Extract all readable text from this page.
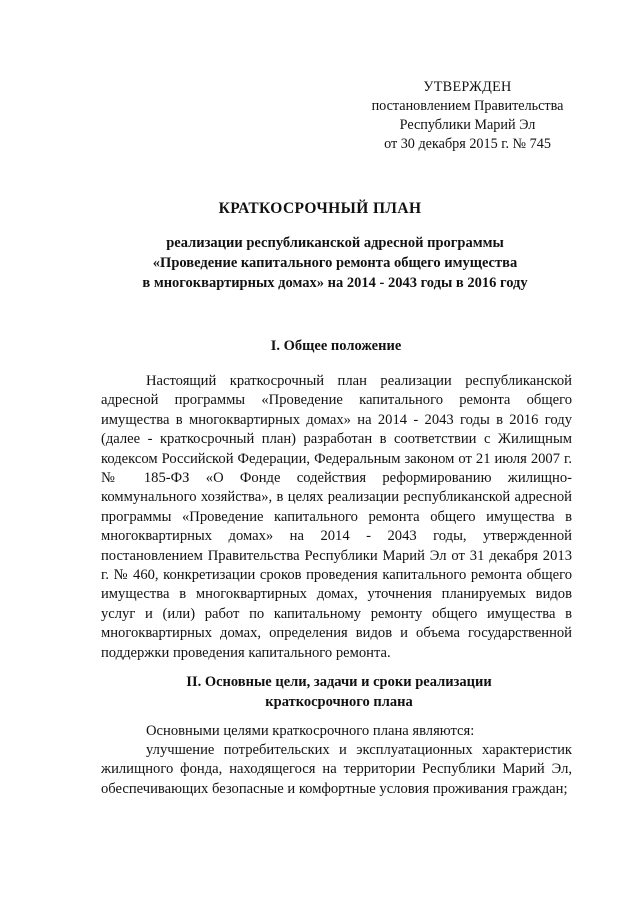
УТВЕРЖДЕН
постановлением Правительства
Республики Марий Эл
от 30 декабря 2015 г. № 745
КРАТКОСРОЧНЫЙ ПЛАН
реализации республиканской адресной программы
«Проведение капитального ремонта общего имущества
в многоквартирных домах» на 2014 - 2043 годы в 2016 году
I. Общее положение
Настоящий краткосрочный план реализации республиканской адресной программы «Проведение капитального ремонта общего имущества в многоквартирных домах» на 2014 - 2043 годы в 2016 году (далее - краткосрочный план) разработан в соответствии с Жилищным кодексом Российской Федерации, Федеральным законом от 21 июля 2007 г. № 185-ФЗ «О Фонде содействия реформированию жилищно-коммунального хозяйства», в целях реализации республиканской адресной программы «Проведение капитального ремонта общего имущества в многоквартирных домах» на 2014 - 2043 годы, утвержденной постановлением Правительства Республики Марий Эл от 31 декабря 2013 г. № 460, конкретизации сроков проведения капитального ремонта общего имущества в многоквартирных домах, уточнения планируемых видов услуг и (или) работ по капитальному ремонту общего имущества в многоквартирных домах, определения видов и объема государственной поддержки проведения капитального ремонта.
II. Основные цели, задачи и сроки реализации
краткосрочного плана
Основными целями краткосрочного плана являются:
улучшение потребительских и эксплуатационных характеристик жилищного фонда, находящегося на территории Республики Марий Эл, обеспечивающих безопасные и комфортные условия проживания граждан;
